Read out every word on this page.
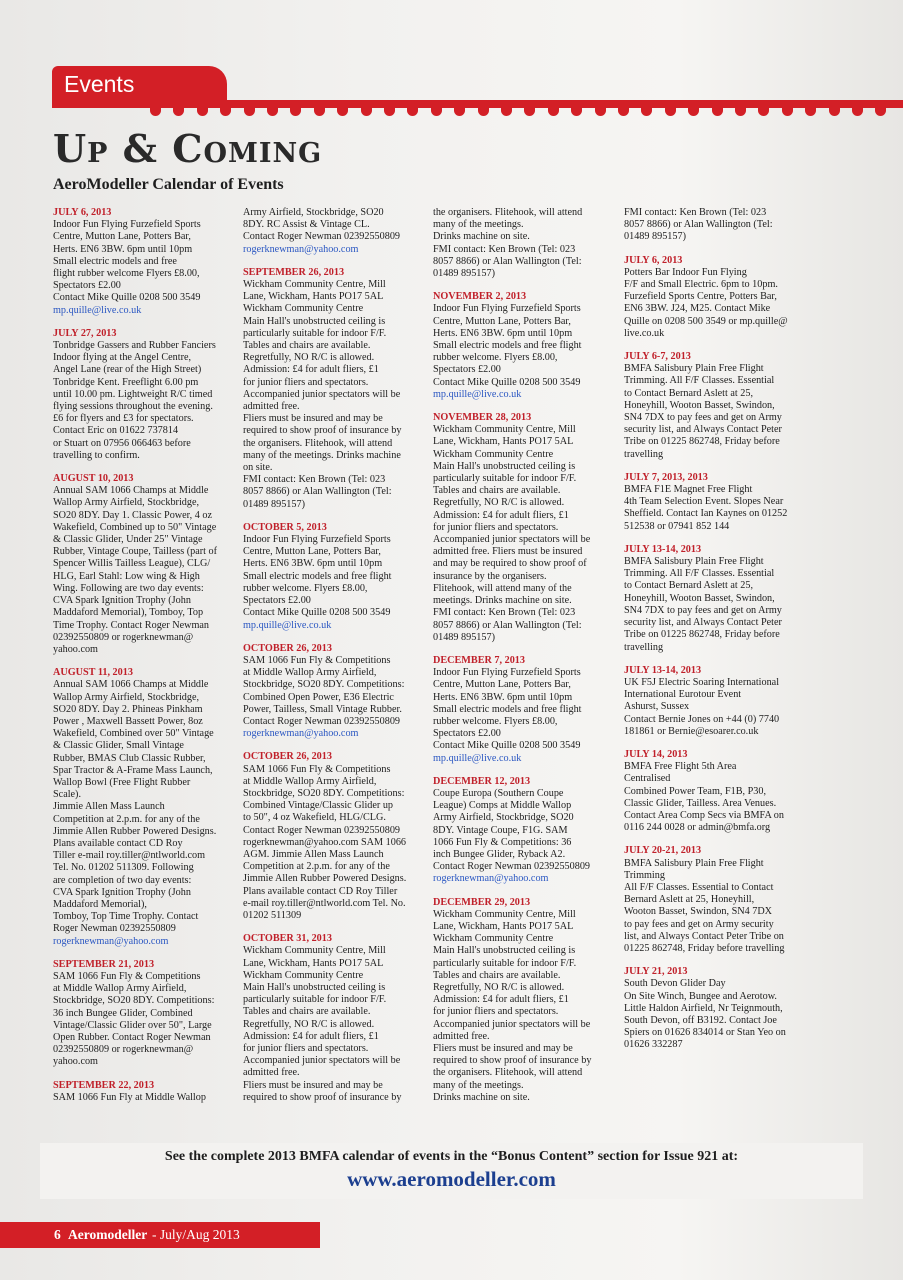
Events
Up & Coming
AeroModeller Calendar of Events
JULY 6, 2013
Indoor Fun Flying Furzefield Sports
Centre, Mutton Lane, Potters Bar,
Herts. EN6 3BW. 6pm until 10pm
Small electric models and free
flight rubber welcome Flyers £8.00,
Spectators £2.00
Contact Mike Quille 0208 500 3549
mp.quille@live.co.uk
JULY 27, 2013
Tonbridge Gassers and Rubber Fanciers
Indoor flying at the Angel Centre,
Angel Lane (rear of the High Street)
Tonbridge Kent. Freeflight 6.00 pm
until 10.00 pm. Lightweight R/C timed
flying sessions throughout the evening.
£6 for flyers and £3 for spectators.
Contact Eric on 01622 737814
or Stuart on 07956 066463 before
travelling to confirm.
AUGUST 10, 2013
Annual SAM 1066 Champs at Middle
Wallop Army Airfield, Stockbridge,
SO20 8DY. Day 1. Classic Power, 4 oz
Wakefield, Combined up to 50" Vintage
& Classic Glider, Under 25" Vintage
Rubber, Vintage Coupe, Tailless (part of
Spencer Willis Tailless League), CLG/
HLG, Earl Stahl: Low wing & High
Wing. Following are two day events:
CVA Spark Ignition Trophy (John
Maddaford Memorial), Tomboy, Top
Time Trophy. Contact Roger Newman
02392550809 or rogerknewman@
yahoo.com
AUGUST 11, 2013
Annual SAM 1066 Champs at Middle
Wallop Army Airfield, Stockbridge,
SO20 8DY. Day 2. Phineas Pinkham
Power , Maxwell Bassett Power, 8oz
Wakefield, Combined over 50" Vintage
& Classic Glider, Small Vintage
Rubber, BMAS Club Classic Rubber,
Spar Tractor & A-Frame Mass Launch,
Wallop Bowl (Free Flight Rubber
Scale).
Jimmie Allen Mass Launch
Competition at 2.p.m. for any of the
Jimmie Allen Rubber Powered Designs.
Plans available contact CD Roy
Tiller e-mail roy.tiller@ntlworld.com
Tel. No. 01202 511309. Following
are completion of two day events:
CVA Spark Ignition Trophy (John
Maddaford Memorial),
Tomboy, Top Time Trophy. Contact
Roger Newman 02392550809
rogerknewman@yahoo.com
SEPTEMBER 21, 2013
SAM 1066 Fun Fly & Competitions
at Middle Wallop Army Airfield,
Stockbridge, SO20 8DY. Competitions:
36 inch Bungee Glider, Combined
Vintage/Classic Glider over 50", Large
Open Rubber. Contact Roger Newman
02392550809 or rogerknewman@
yahoo.com
SEPTEMBER 22, 2013
SAM 1066 Fun Fly at Middle Wallop
Army Airfield, Stockbridge, SO20
8DY. RC Assist & Vintage CL.
Contact Roger Newman 02392550809
rogerknewman@yahoo.com
SEPTEMBER 26, 2013
Wickham Community Centre, Mill
Lane, Wickham, Hants PO17 5AL
Wickham Community Centre
Main Hall's unobstructed ceiling is
particularly suitable for indoor F/F.
Tables and chairs are available.
Regretfully, NO R/C is allowed.
Admission: £4 for adult fliers, £1
for junior fliers and spectators.
Accompanied junior spectators will be
admitted free.
Fliers must be insured and may be
required to show proof of insurance by
the organisers. Flitehook, will attend
many of the meetings. Drinks machine
on site.
FMI contact: Ken Brown (Tel: 023
8057 8866) or Alan Wallington (Tel:
01489 895157)
OCTOBER 5, 2013
Indoor Fun Flying Furzefield Sports
Centre, Mutton Lane, Potters Bar,
Herts. EN6 3BW. 6pm until 10pm
Small electric models and free flight
rubber welcome. Flyers £8.00,
Spectators £2.00
Contact Mike Quille 0208 500 3549
mp.quille@live.co.uk
OCTOBER 26, 2013
SAM 1066 Fun Fly & Competitions
at Middle Wallop Army Airfield,
Stockbridge, SO20 8DY. Competitions:
Combined Open Power, E36 Electric
Power, Tailless, Small Vintage Rubber.
Contact Roger Newman 02392550809
rogerknewman@yahoo.com
OCTOBER 26, 2013
SAM 1066 Fun Fly & Competitions
at Middle Wallop Army Airfield,
Stockbridge, SO20 8DY. Competitions:
Combined Vintage/Classic Glider up
to 50", 4 oz Wakefield, HLG/CLG.
Contact Roger Newman 02392550809
rogerknewman@yahoo.com SAM 1066
AGM. Jimmie Allen Mass Launch
Competition at 2.p.m. for any of the
Jimmie Allen Rubber Powered Designs.
Plans available contact CD Roy Tiller
e-mail roy.tiller@ntlworld.com Tel. No.
01202 511309
OCTOBER 31, 2013
Wickham Community Centre, Mill
Lane, Wickham, Hants PO17 5AL
Wickham Community Centre
Main Hall's unobstructed ceiling is
particularly suitable for indoor F/F.
Tables and chairs are available.
Regretfully, NO R/C is allowed.
Admission: £4 for adult fliers, £1
for junior fliers and spectators.
Accompanied junior spectators will be
admitted free.
Fliers must be insured and may be
required to show proof of insurance by
the organisers. Flitehook, will attend
many of the meetings.
Drinks machine on site.
FMI contact: Ken Brown (Tel: 023
8057 8866) or Alan Wallington (Tel:
01489 895157)
NOVEMBER 2, 2013
Indoor Fun Flying Furzefield Sports
Centre, Mutton Lane, Potters Bar,
Herts. EN6 3BW. 6pm until 10pm
Small electric models and free flight
rubber welcome. Flyers £8.00,
Spectators £2.00
Contact Mike Quille 0208 500 3549
mp.quille@live.co.uk
NOVEMBER 28, 2013
Wickham Community Centre, Mill
Lane, Wickham, Hants PO17 5AL
Wickham Community Centre
Main Hall's unobstructed ceiling is
particularly suitable for indoor F/F.
Tables and chairs are available.
Regretfully, NO R/C is allowed.
Admission: £4 for adult fliers, £1
for junior fliers and spectators.
Accompanied junior spectators will be
admitted free. Fliers must be insured
and may be required to show proof of
insurance by the organisers.
Flitehook, will attend many of the
meetings. Drinks machine on site.
FMI contact: Ken Brown (Tel: 023
8057 8866) or Alan Wallington (Tel:
01489 895157)
DECEMBER 7, 2013
Indoor Fun Flying Furzefield Sports
Centre, Mutton Lane, Potters Bar,
Herts. EN6 3BW. 6pm until 10pm
Small electric models and free flight
rubber welcome. Flyers £8.00,
Spectators £2.00
Contact Mike Quille 0208 500 3549
mp.quille@live.co.uk
DECEMBER 12, 2013
Coupe Europa (Southern Coupe
League) Comps at Middle Wallop
Army Airfield, Stockbridge, SO20
8DY. Vintage Coupe, F1G. SAM
1066 Fun Fly & Competitions: 36
inch Bungee Glider, Ryback A2.
Contact Roger Newman 02392550809
rogerknewman@yahoo.com
DECEMBER 29, 2013
Wickham Community Centre, Mill
Lane, Wickham, Hants PO17 5AL
Wickham Community Centre
Main Hall's unobstructed ceiling is
particularly suitable for indoor F/F.
Tables and chairs are available.
Regretfully, NO R/C is allowed.
Admission: £4 for adult fliers, £1
for junior fliers and spectators.
Accompanied junior spectators will be
admitted free.
Fliers must be insured and may be
required to show proof of insurance by
the organisers. Flitehook, will attend
many of the meetings.
Drinks machine on site.
FMI contact: Ken Brown (Tel: 023
8057 8866) or Alan Wallington (Tel:
01489 895157)
JULY 6, 2013
Potters Bar Indoor Fun Flying
F/F and Small Electric. 6pm to 10pm.
Furzefield Sports Centre, Potters Bar,
EN6 3BW. J24, M25. Contact Mike
Quille on 0208 500 3549 or mp.quille@
live.co.uk
JULY 6-7, 2013
BMFA Salisbury Plain Free Flight
Trimming. All F/F Classes. Essential
to Contact Bernard Aslett at 25,
Honeyhill, Wooton Basset, Swindon,
SN4 7DX to pay fees and get on Army
security list, and Always Contact Peter
Tribe on 01225 862748, Friday before
travelling
JULY 7, 2013, 2013
BMFA F1E Magnet Free Flight
4th Team Selection Event. Slopes Near
Sheffield. Contact Ian Kaynes on 01252
512538 or 07941 852 144
JULY 13-14, 2013
BMFA Salisbury Plain Free Flight
Trimming. All F/F Classes. Essential
to Contact Bernard Aslett at 25,
Honeyhill, Wooton Basset, Swindon,
SN4 7DX to pay fees and get on Army
security list, and Always Contact Peter
Tribe on 01225 862748, Friday before
travelling
JULY 13-14, 2013
UK F5J Electric Soaring International
International Eurotour Event
Ashurst, Sussex
Contact Bernie Jones on +44 (0) 7740
181861 or Bernie@esoarer.co.uk
JULY 14, 2013
BMFA Free Flight 5th Area
Centralised
Combined Power Team, F1B, P30,
Classic Glider, Tailless. Area Venues.
Contact Area Comp Secs via BMFA on
0116 244 0028 or admin@bmfa.org
JULY 20-21, 2013
BMFA Salisbury Plain Free Flight
Trimming
All F/F Classes. Essential to Contact
Bernard Aslett at 25, Honeyhill,
Wooton Basset, Swindon, SN4 7DX
to pay fees and get on Army security
list, and Always Contact Peter Tribe on
01225 862748, Friday before travelling
JULY 21, 2013
South Devon Glider Day
On Site Winch, Bungee and Aerotow.
Little Haldon Airfield, Nr Teignmouth,
South Devon, off B3192. Contact Joe
Spiers on 01626 834014 or Stan Yeo on
01626 332287
See the complete 2013 BMFA calendar of events in the “Bonus Content” section for Issue 921 at:
www.aeromodeller.com
6 Aeromodeller - July/Aug 2013
